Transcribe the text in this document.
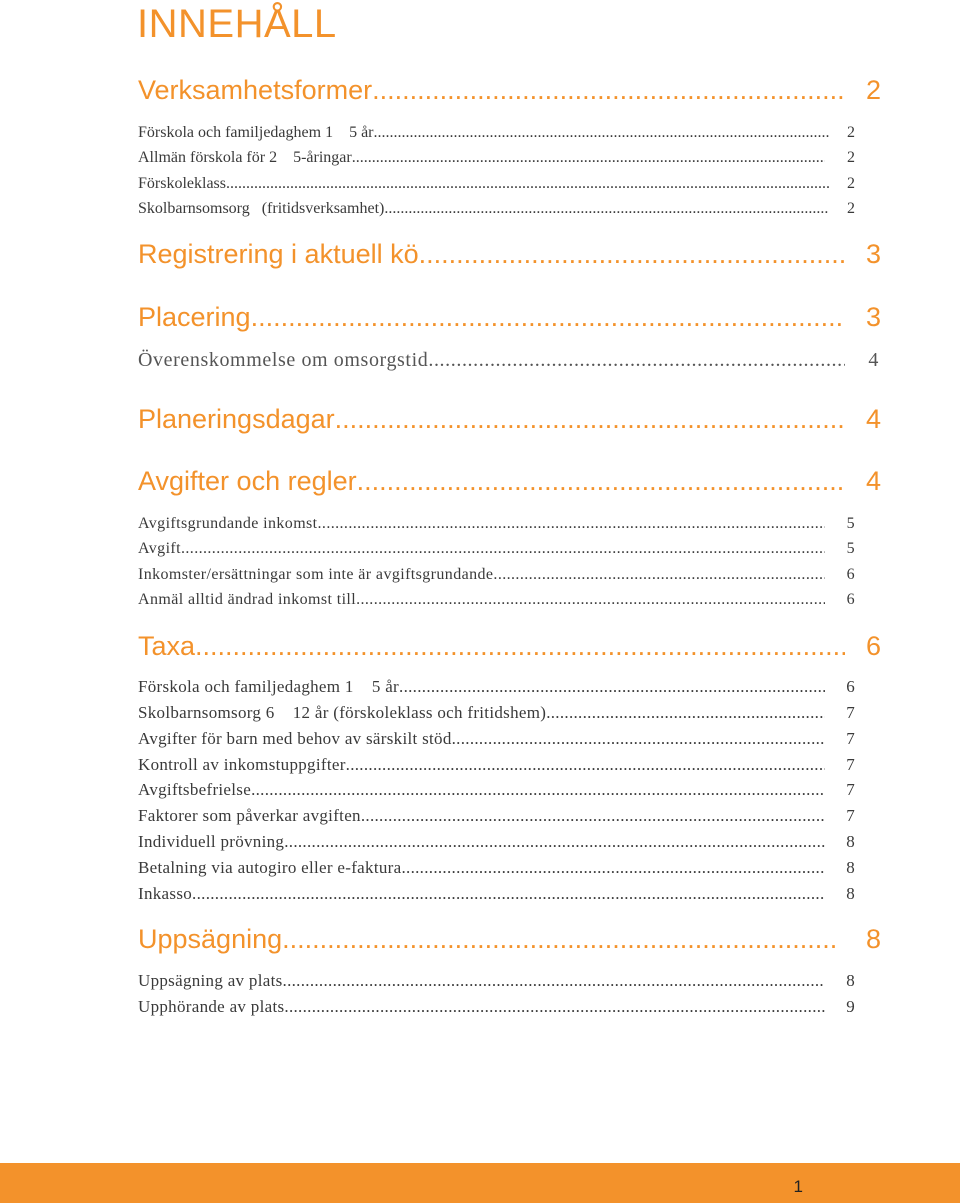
INNEHÅLL
Verksamhetsformer .....	2
Förskola och familjedaghem 1    5 år .....	2
Allmän förskola för 2    5-åringar .....	2
Förskoleklass .....	2
Skolbarnsomsorg   (fritidsverksamhet) .....	2
Registrering i aktuell kö .....	3
Placering .....	3
Överenskommelse om omsorgstid .....	4
Planeringsdagar .....	4
Avgifter och regler .....	4
Avgiftsgrundande inkomst .....	5
Avgift .....	5
Inkomster/ersättningar som inte är avgiftsgrundande .....	6
Anmäl alltid ändrad inkomst till .....	6
Taxa .....	6
Förskola och familjedaghem 1    5 år .....	6
Skolbarnsomsorg 6    12 år (förskoleklass och fritidshem) .....	7
Avgifter för barn med behov av särskilt stöd .....	7
Kontroll av inkomstuppgifter .....	7
Avgiftsbefrielse .....	7
Faktorer som påverkar avgiften .....	7
Individuell prövning .....	8
Betalning via autogiro eller e-faktura .....	8
Inkasso .....	8
Uppsägning .....	8
Uppsägning av plats .....	8
Upphörande av plats .....	9
1
